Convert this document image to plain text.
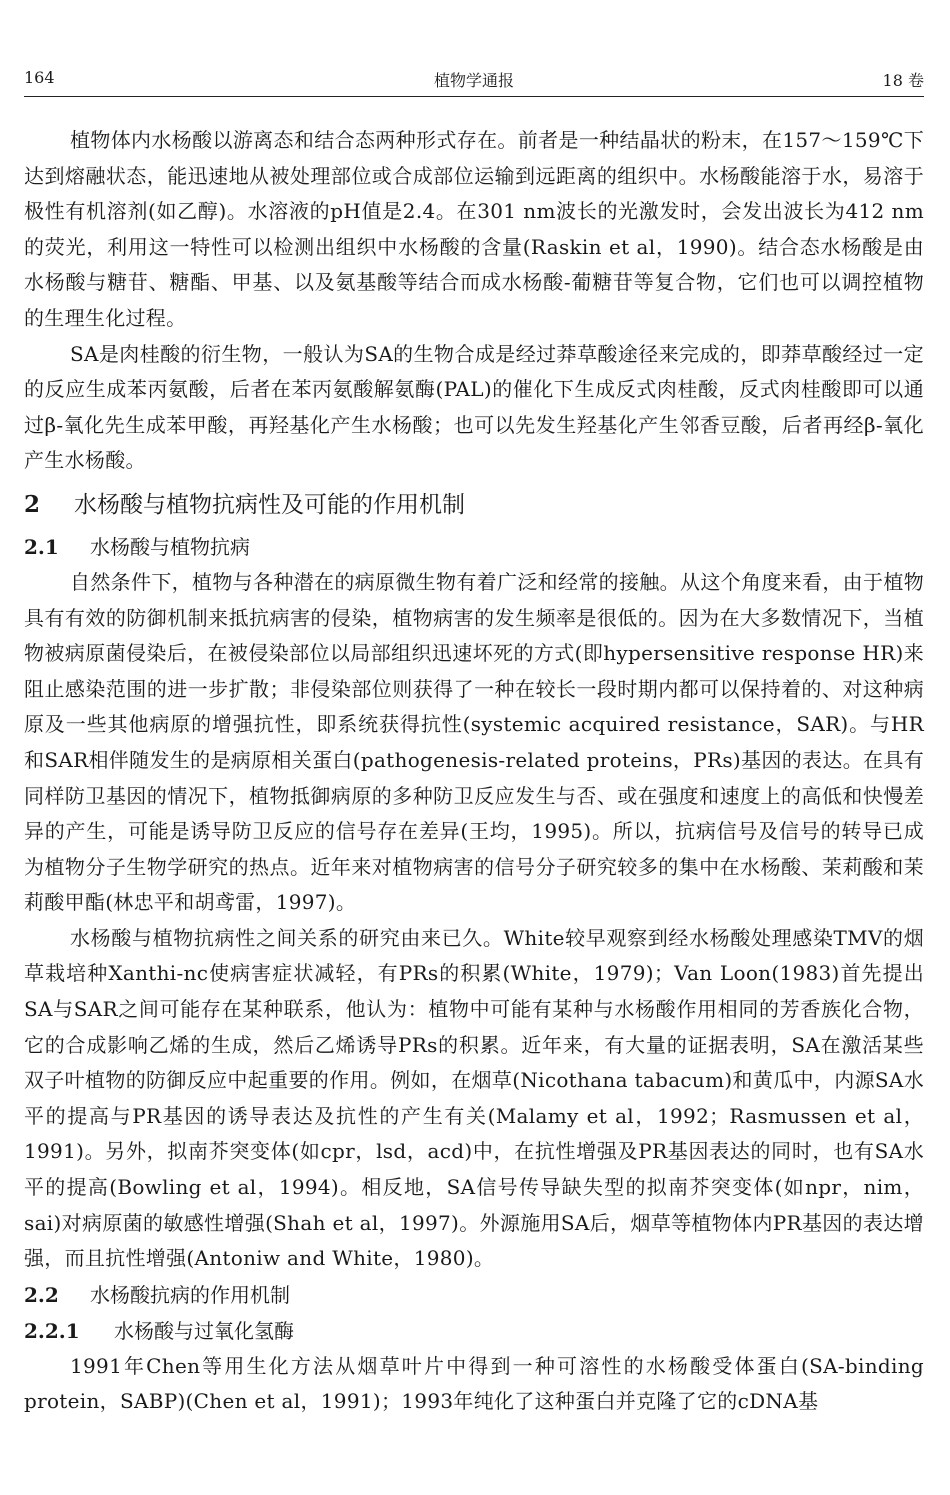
164	植物学通报	18 卷

植物体内水杨酸以游离态和结合态两种形式存在。前者是一种结晶状的粉末，在157～159℃下达到熔融状态，能迅速地从被处理部位或合成部位运输到远距离的组织中。水杨酸能溶于水，易溶于极性有机溶剂(如乙醇)。水溶液的pH值是2.4。在301 nm波长的光激发时，会发出波长为412 nm的荧光，利用这一特性可以检测出组织中水杨酸的含量(Raskin et al，1990)。结合态水杨酸是由水杨酸与糖苷、糖酯、甲基、以及氨基酸等结合而成水杨酸-葡糖苷等复合物，它们也可以调控植物的生理生化过程。

SA是肉桂酸的衍生物，一般认为SA的生物合成是经过莽草酸途径来完成的，即莽草酸经过一定的反应生成苯丙氨酸，后者在苯丙氨酸解氨酶(PAL)的催化下生成反式肉桂酸，反式肉桂酸即可以通过β-氧化先生成苯甲酸，再羟基化产生水杨酸；也可以先发生羟基化产生邻香豆酸，后者再经β-氧化产生水杨酸。

2 水杨酸与植物抗病性及可能的作用机制
2.1 水杨酸与植物抗病

自然条件下，植物与各种潜在的病原微生物有着广泛和经常的接触。从这个角度来看，由于植物具有有效的防御机制来抵抗病害的侵染，植物病害的发生频率是很低的。因为在大多数情况下，当植物被病原菌侵染后，在被侵染部位以局部组织迅速坏死的方式(即hypersensitive response HR)来阻止感染范围的进一步扩散；非侵染部位则获得了一种在较长一段时期内都可以保持着的、对这种病原及一些其他病原的增强抗性，即系统获得抗性(systemic acquired resistance，SAR)。与HR和SAR相伴随发生的是病原相关蛋白(pathogenesis-related proteins，PRs)基因的表达。在具有同样防卫基因的情况下，植物抵御病原的多种防卫反应发生与否、或在强度和速度上的高低和快慢差异的产生，可能是诱导防卫反应的信号存在差异(王均，1995)。所以，抗病信号及信号的转导已成为植物分子生物学研究的热点。近年来对植物病害的信号分子研究较多的集中在水杨酸、茉莉酸和茉莉酸甲酯(林忠平和胡鸢雷，1997)。

水杨酸与植物抗病性之间关系的研究由来已久。White较早观察到经水杨酸处理感染TMV的烟草栽培种Xanthi-nc使病害症状减轻，有PRs的积累(White，1979)；Van Loon(1983)首先提出SA与SAR之间可能存在某种联系，他认为：植物中可能有某种与水杨酸作用相同的芳香族化合物，它的合成影响乙烯的生成，然后乙烯诱导PRs的积累。近年来，有大量的证据表明，SA在激活某些双子叶植物的防御反应中起重要的作用。例如，在烟草(Nicothana tabacum)和黄瓜中，内源SA水平的提高与PR基因的诱导表达及抗性的产生有关(Malamy et al，1992；Rasmussen et al，1991)。另外，拟南芥突变体(如cpr，lsd，acd)中，在抗性增强及PR基因表达的同时，也有SA水平的提高(Bowling et al，1994)。相反地，SA信号传导缺失型的拟南芥突变体(如npr，nim，sai)对病原菌的敏感性增强(Shah et al，1997)。外源施用SA后，烟草等植物体内PR基因的表达增强，而且抗性增强(Antoniw and White，1980)。

2.2 水杨酸抗病的作用机制
2.2.1 水杨酸与过氧化氢酶

1991年Chen等用生化方法从烟草叶片中得到一种可溶性的水杨酸受体蛋白(SA-binding protein，SABP)(Chen et al，1991)；1993年纯化了这种蛋白并克隆了它的cDNA基
